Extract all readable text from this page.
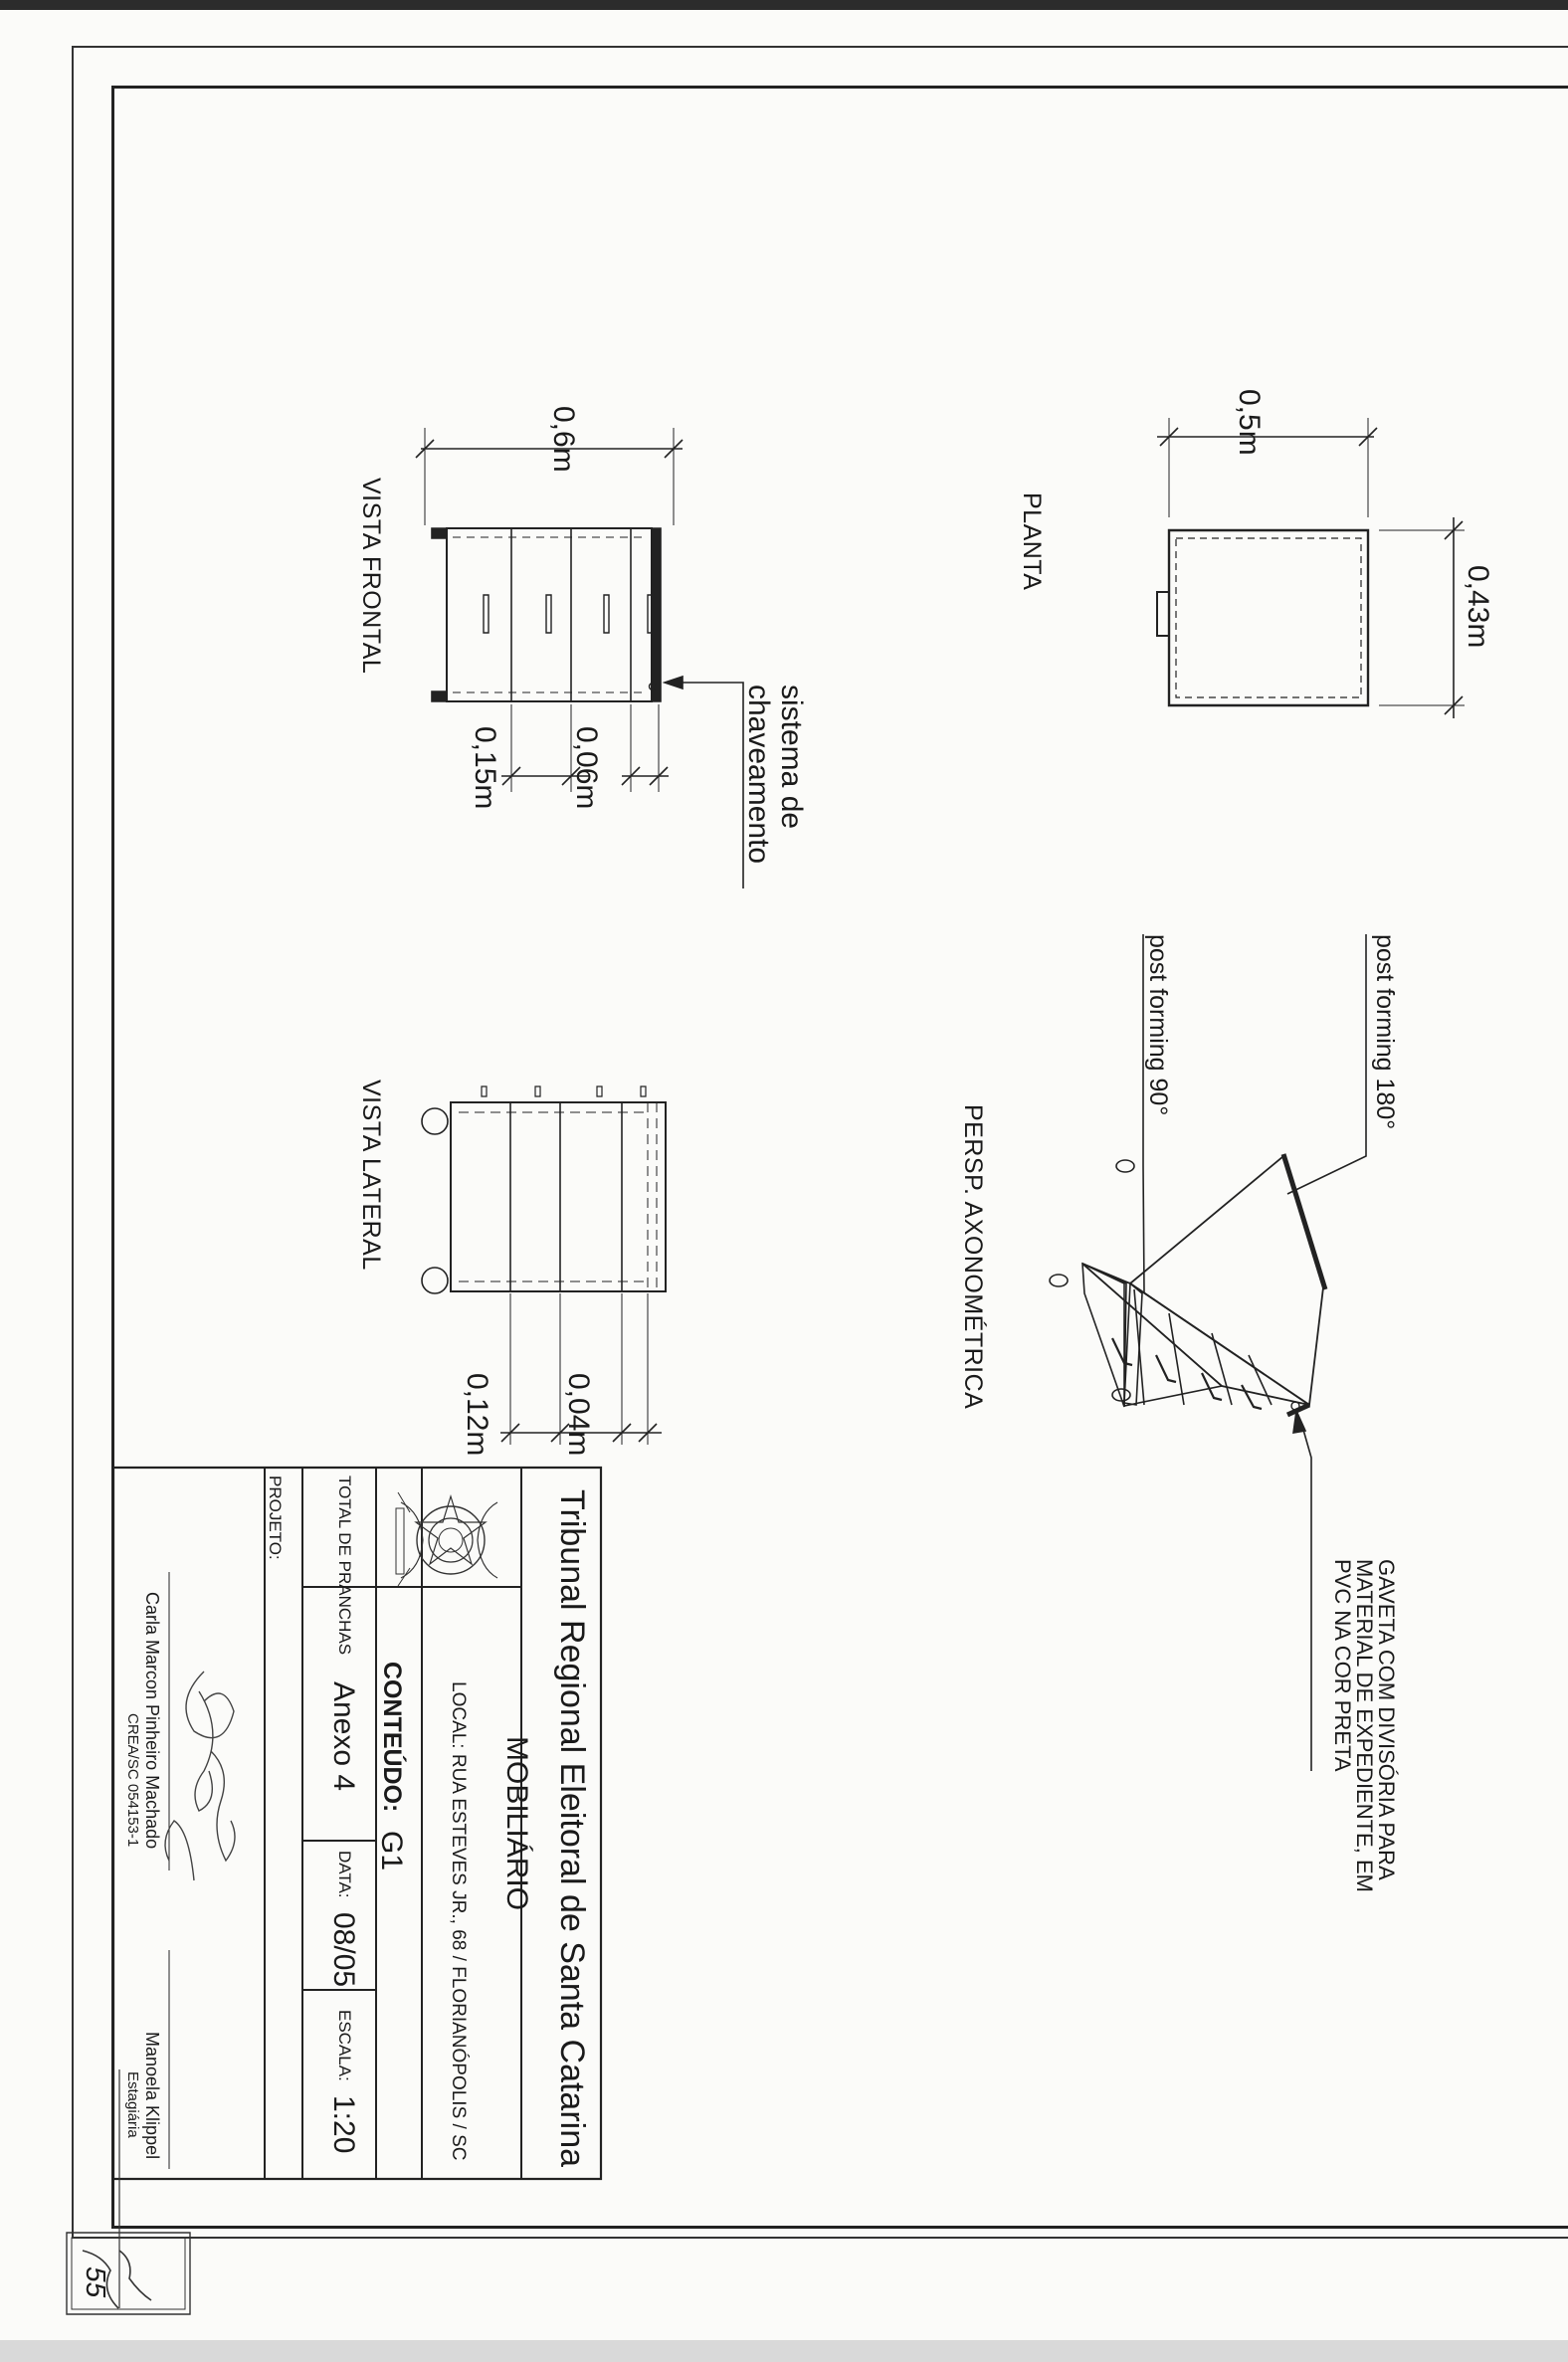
PLANTA
0,5m
0,43m
PERSP. AXONOMÉTRICA
post forming 180°
post forming 90°
GAVETA COM DIVISÓRIA PARA
MATERIAL DE EXPEDIENTE, EM
PVC NA COR PRETA
VISTA FRONTAL
0,6m
0,15m 0,06m	sistema de
chaveamento
VISTA LATERAL
0,12m 0,04m
Tribunal Regional Eleitoral de Santa Catarina
MOBILIÁRIO
LOCAL: RUA ESTEVES JR., 68 / FLORIANÓPOLIS / SC
CONTEÚDO:
G1
TOTAL DE PRANCHAS
Anexo 4
DATA:
08/05
ESCALA:
1:20
PROJETO:
Carla Marcon Pinheiro Machado
CREA/SC 054153-1
Manoela Klippel
Estagiária
55
